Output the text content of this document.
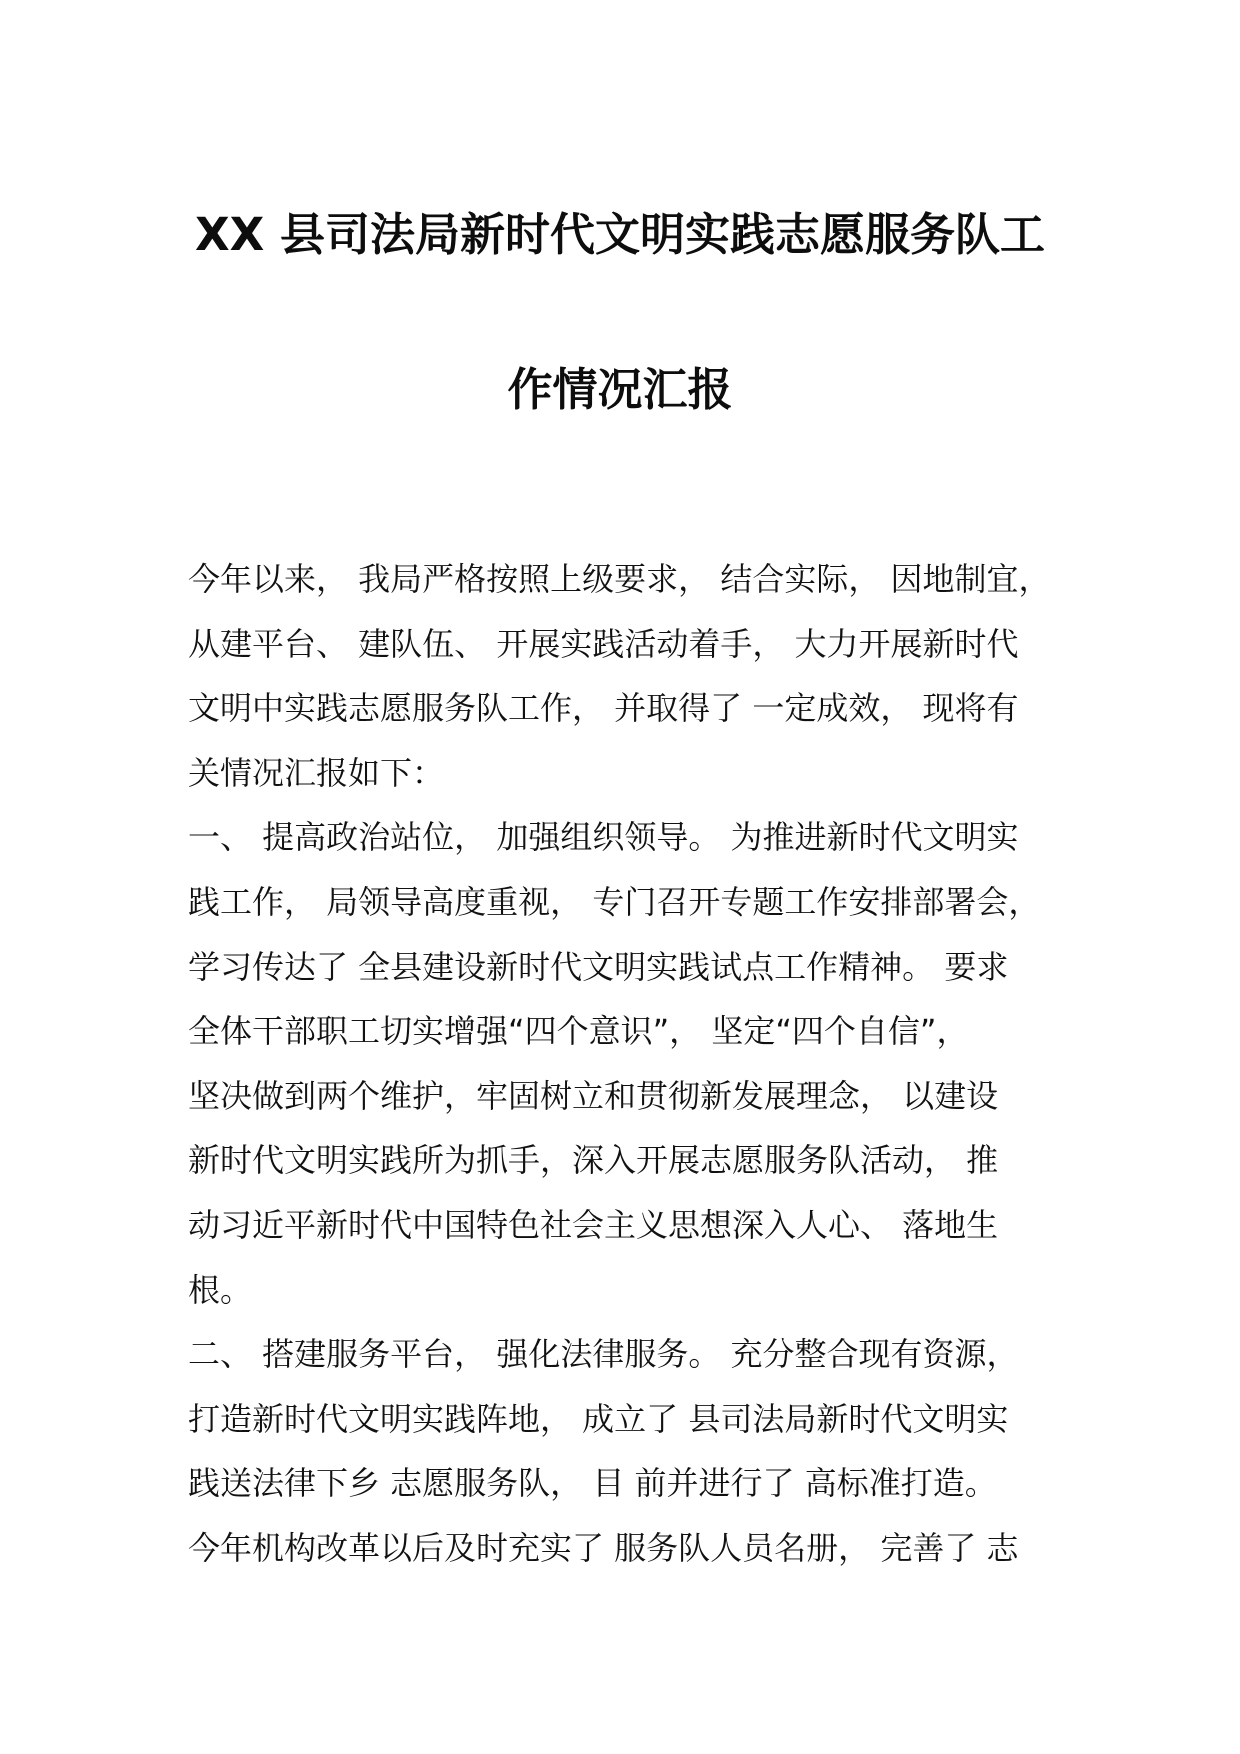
XX 县司法局新时代文明实践志愿服务队工
作情况汇报
今年以来， 我局严格按照上级要求， 结合实际， 因地制宜，
从建平台、 建队伍、 开展实践活动着手， 大力开展新时代
文明中实践志愿服务队工作， 并取得了 一定成效， 现将有
关情况汇报如下：
一、 提高政治站位， 加强组织领导。 为推进新时代文明实
践工作， 局领导高度重视， 专门召开专题工作安排部署会，
学习传达了 全县建设新时代文明实践试点工作精神。 要求
全体干部职工切实增强“四个意识”， 坚定“四个自信”，
坚决做到两个维护，牢固树立和贯彻新发展理念， 以建设
新时代文明实践所为抓手，深入开展志愿服务队活动， 推
动习近平新时代中国特色社会主义思想深入人心、 落地生
根。
二、 搭建服务平台， 强化法律服务。 充分整合现有资源，
打造新时代文明实践阵地， 成立了 县司法局新时代文明实
践送法律下乡 志愿服务队， 目 前并进行了 高标准打造。
今年机构改革以后及时充实了 服务队人员名册， 完善了 志
